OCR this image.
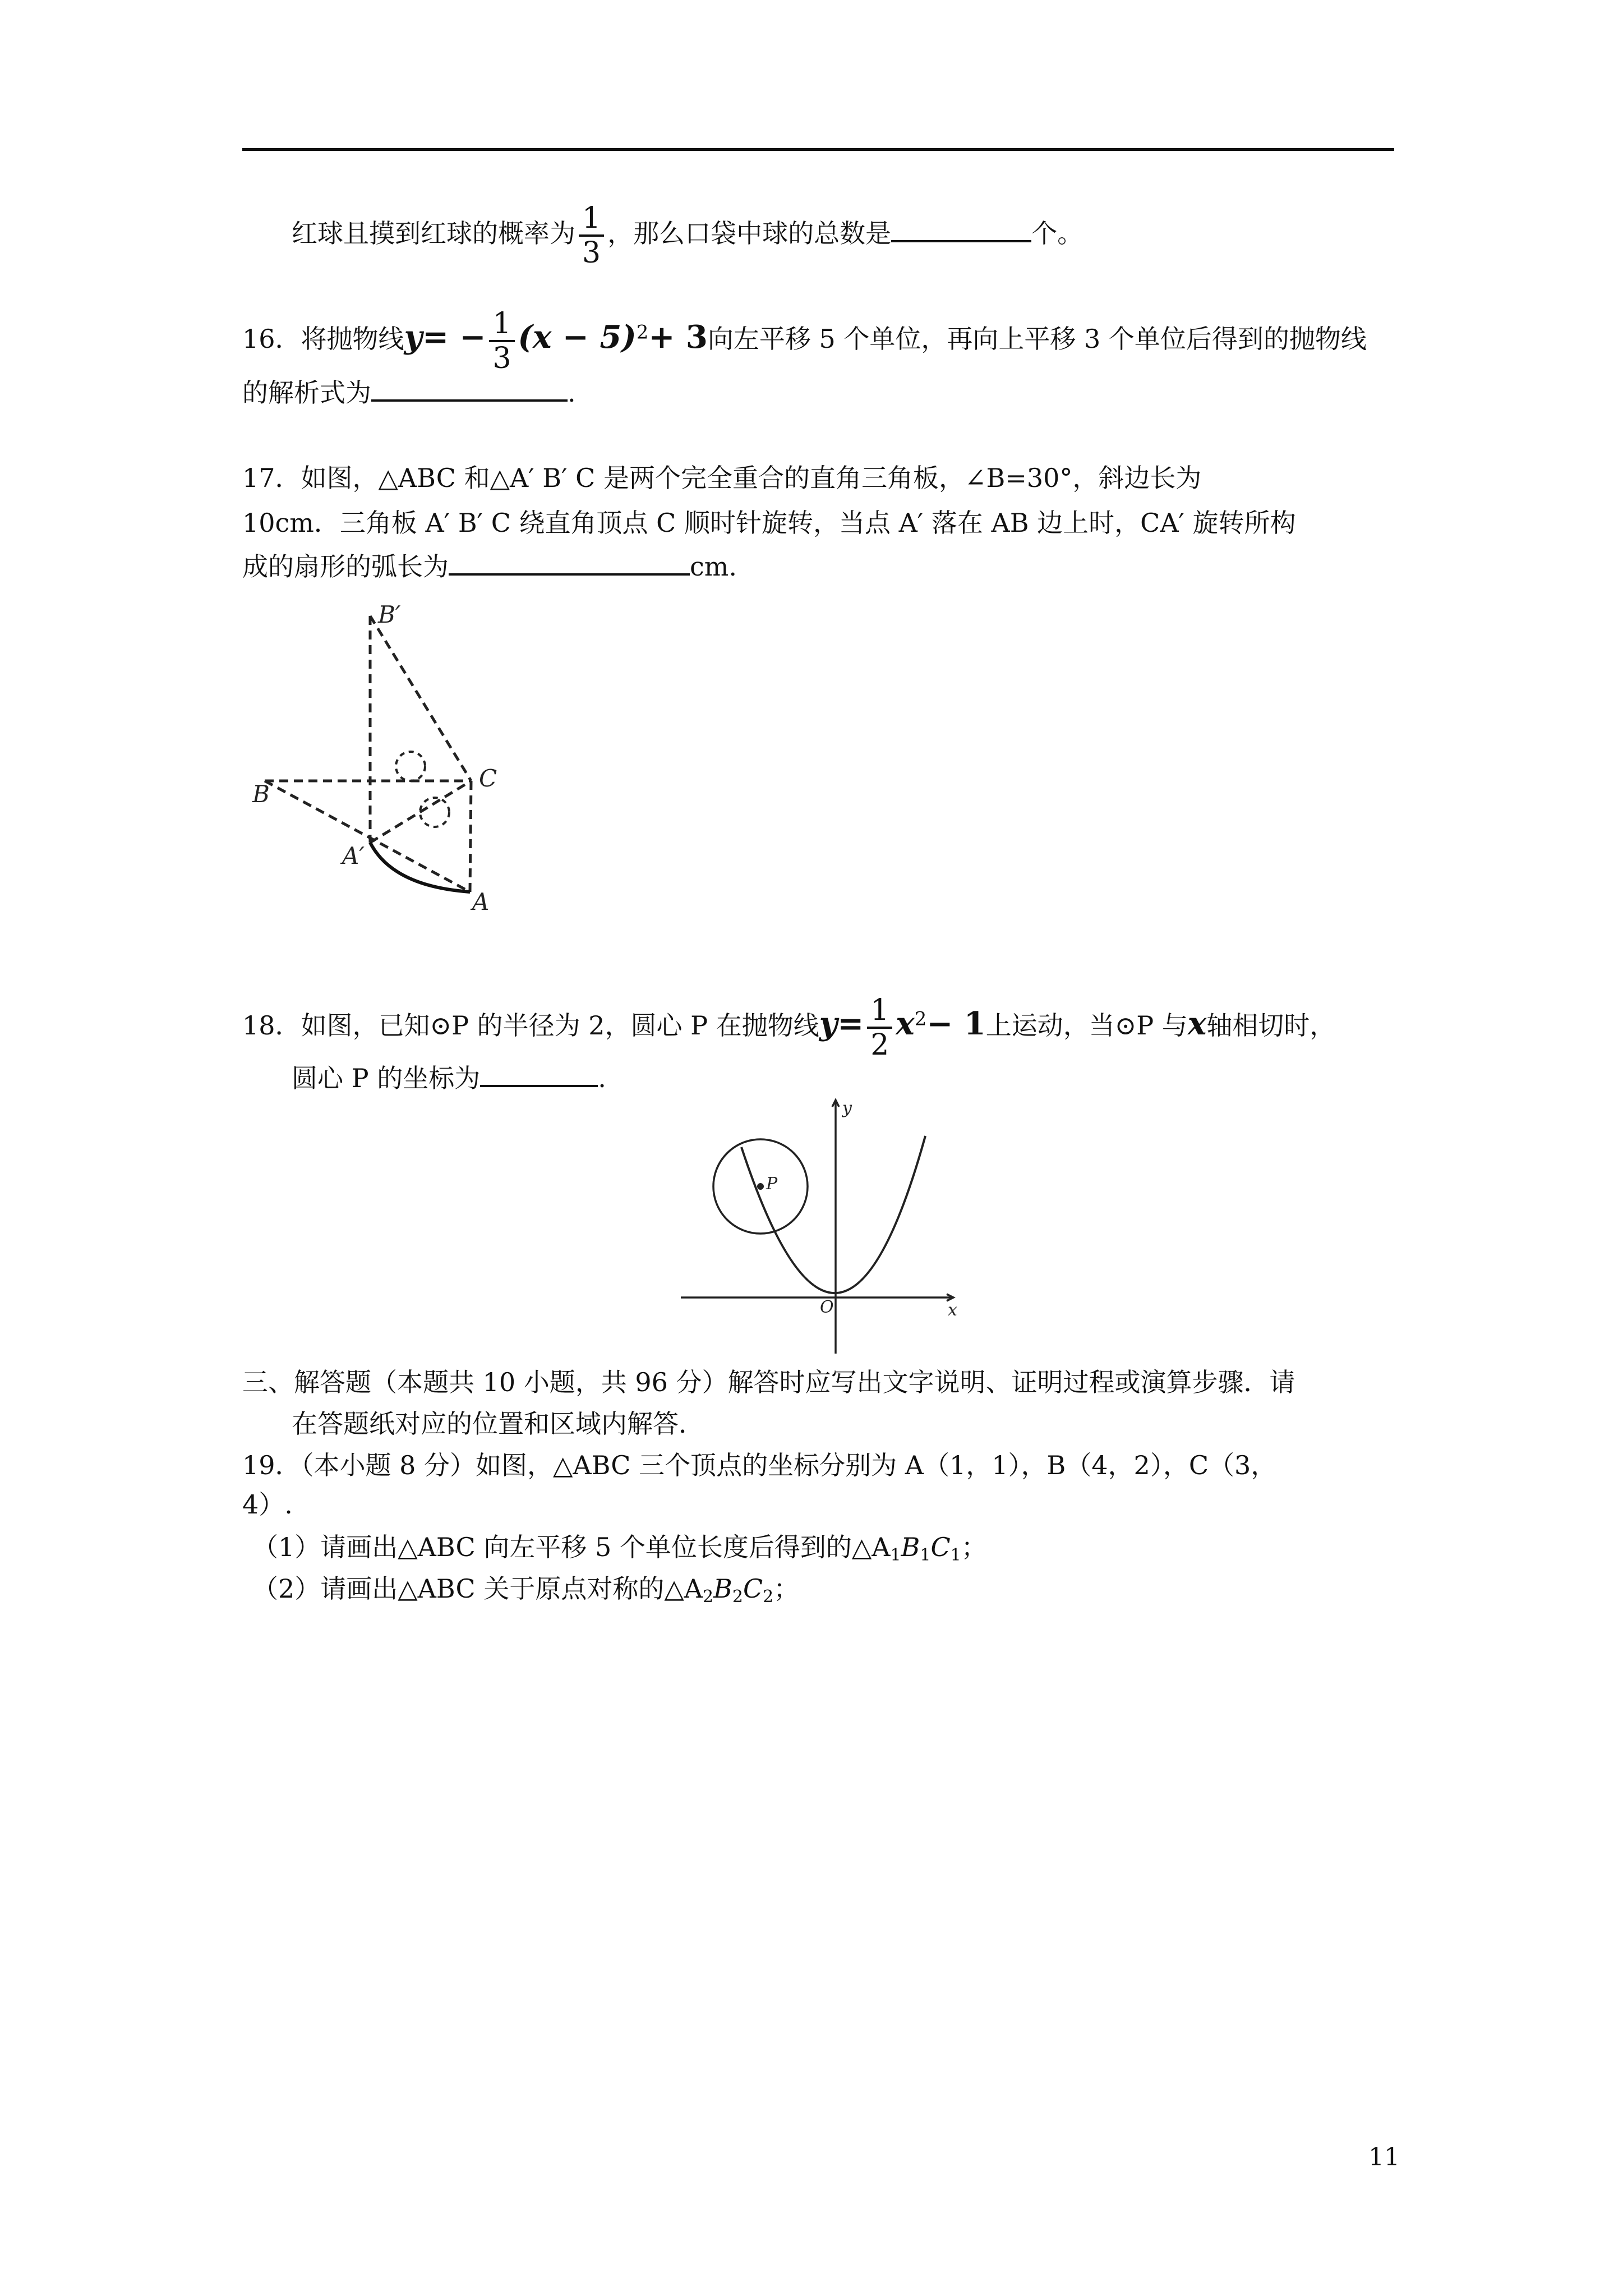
红球且摸到红球的概率为 $\frac{1}{3}$ ，那么口袋中球的总数是	个。
16．将抛物线$y= - \frac{1}{3} (x - 5)^2+ 3$向左平移 5 个单位，再向上平移 3 个单位后得到的抛物线
的解析式为	.
17．如图，△ABC 和△A′ B′ C 是两个完全重合的直角三角板，∠B=30°，斜边长为
10cm．三角板 A′ B′ C 绕直角顶点 C 顺时针旋转，当点 A′ 落在 AB 边上时，CA′ 旋转所构
成的扇形的弧长为	cm.
B′
B
C
A′
A
18．如图，已知⊙P 的半径为 2，圆心 P 在抛物线$y= \frac{1}{2} x^2- 1$上运动，当⊙P 与x轴相切时，
圆心 P 的坐标为	.
y
x
O
P
三、解答题（本题共 10 小题，共 96 分）解答时应写出文字说明、证明过程或演算步骤．请
在答题纸对应的位置和区域内解答．
19．（本小题 8 分）如图，△ABC 三个顶点的坐标分别为 A（1，1），B（4，2），C（3，
4）.
（1）请画出△ABC 向左平移 5 个单位长度后得到的$\triangle A_1B_1C_1$；
（2）请画出△ABC 关于原点对称的$\triangle A_2B_2C_2$；
11
